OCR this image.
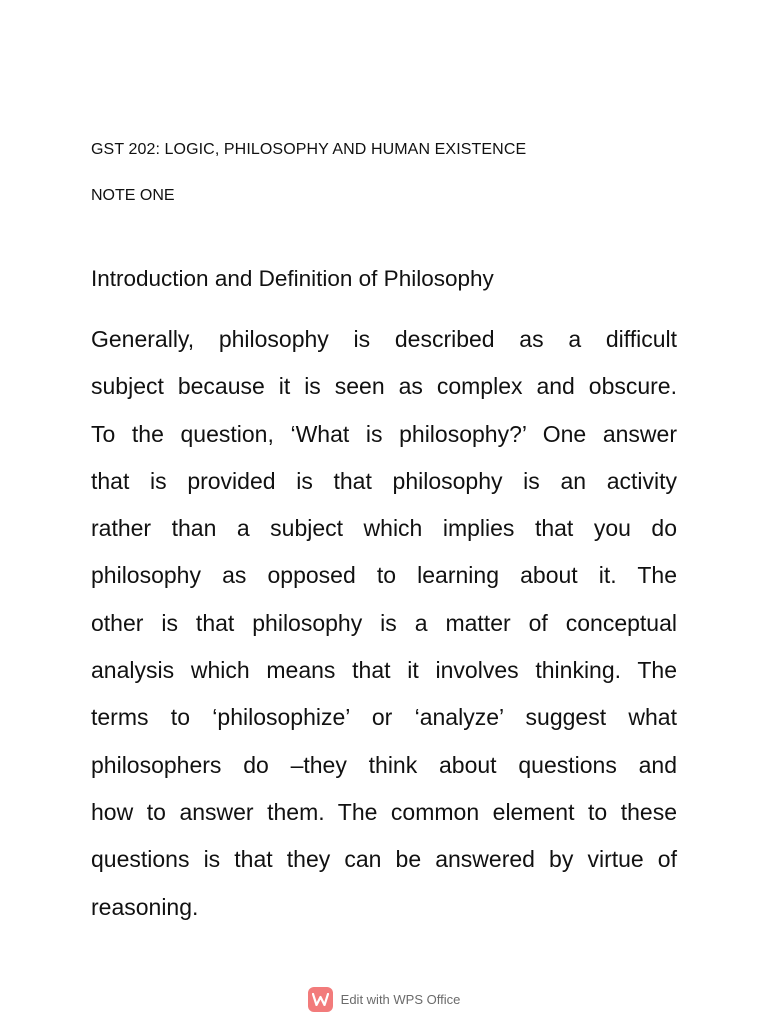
GST 202: LOGIC, PHILOSOPHY AND HUMAN EXISTENCE
NOTE ONE
Introduction and Definition of Philosophy
Generally, philosophy is described as a difficult
subject because it is seen as complex and obscure.
To the question, ‘What is philosophy?’ One answer
that is provided is that philosophy is an activity
rather than a subject which implies that you do
philosophy as opposed to learning about it. The
other is that philosophy is a matter of conceptual
analysis which means that it involves thinking. The
terms to ‘philosophize’ or ‘analyze’ suggest what
philosophers do –they think about questions and
how to answer them. The common element to these
questions is that they can be answered by virtue of
reasoning.
Edit with WPS Office
